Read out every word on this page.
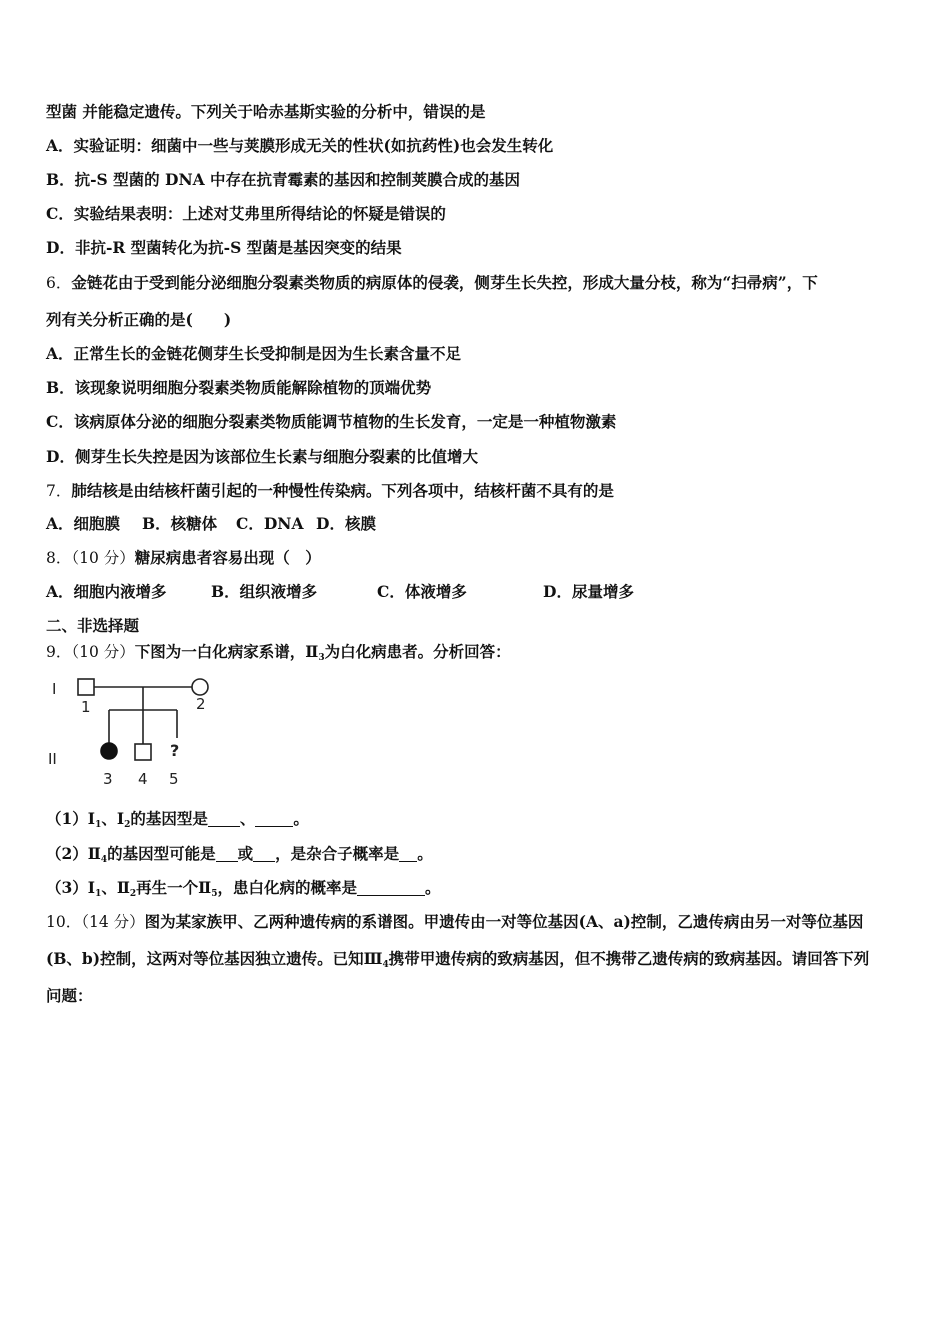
型菌 并能稳定遗传。下列关于哈赤基斯实验的分析中，错误的是
A．实验证明：细菌中一些与荚膜形成无关的性状(如抗药性)也会发生转化
B．抗-S 型菌的 DNA 中存在抗青霉素的基因和控制荚膜合成的基因
C．实验结果表明：上述对艾弗里所得结论的怀疑是错误的
D．非抗-R 型菌转化为抗-S 型菌是基因突变的结果
6．金链花由于受到能分泌细胞分裂素类物质的病原体的侵袭，侧芽生长失控，形成大量分枝，称为“扫帚病”，下
列有关分析正确的是(　　)
A．正常生长的金链花侧芽生长受抑制是因为生长素含量不足
B．该现象说明细胞分裂素类物质能解除植物的顶端优势
C．该病原体分泌的细胞分裂素类物质能调节植物的生长发育，一定是一种植物激素
D．侧芽生长失控是因为该部位生长素与细胞分裂素的比值增大
7．肺结核是由结核杆菌引起的一种慢性传染病。下列各项中，结核杆菌不具有的是
A．细胞膜 B．核糖体 C．DNA D．核膜
8．（10 分）糖尿病患者容易出现（　）
A．细胞内液增多	B．组织液增多	C．体液增多	D．尿量增多
二、非选择题
9．（10 分）下图为一白化病家系谱，$Ⅱ_3$为白化病患者。分析回答：
I
II
1	2
?
3 4 5
$(1)Ⅰ_1$、$Ⅰ_2$的基因型是 、 。
$(2)Ⅱ_4$的基因型可能是 或 ，是杂合子概率是 。
$(3)Ⅰ_1$、$Ⅱ_2$再生一个$Ⅱ_5$，患白化病的概率是	。
10．（14 分）图为某家族甲、乙两种遗传病的系谱图。甲遗传由一对等位基因(A、a)控制，乙遗传病由另一对等位基因
(B、b)控制，这两对等位基因独立遗传。已知$Ⅲ_4$携带甲遗传病的致病基因，但不携带乙遗传病的致病基因。请回答下列
问题：
